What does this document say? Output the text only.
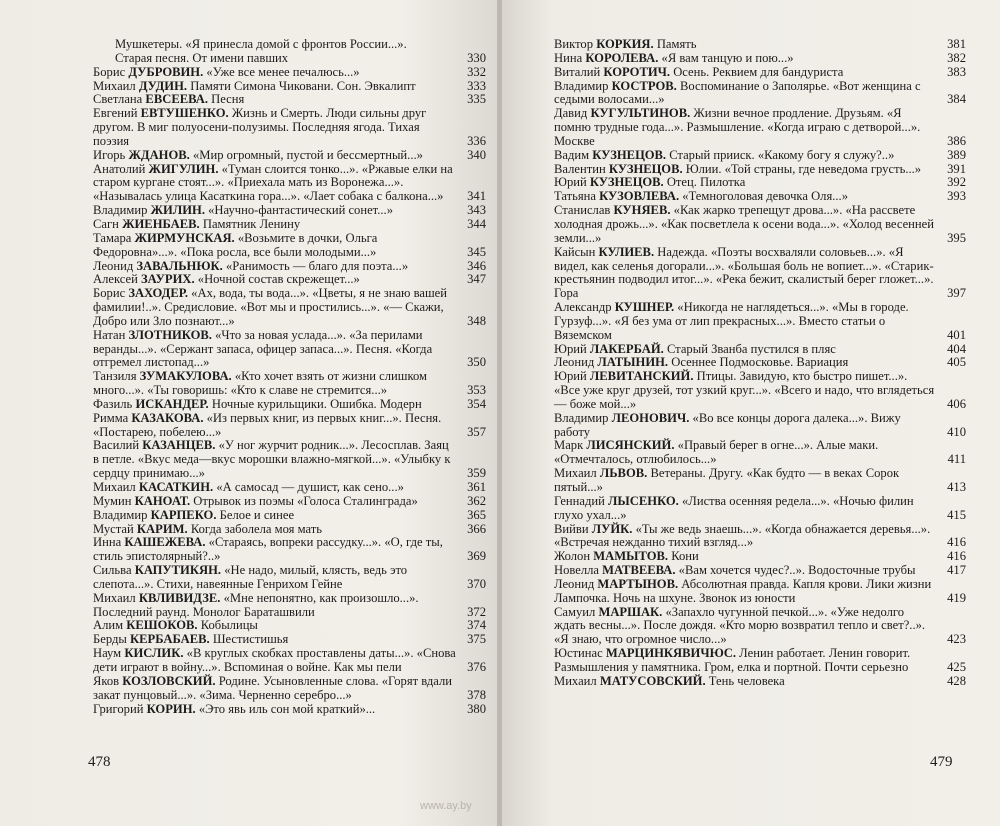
Мушкетеры. «Я принесла домой с фронтов России...».
Старая песня. От имени павших	330
Борис ДУБРОВИН. «Уже все менее печалюсь...»	332
Михаил ДУДИН. Памяти Симона Чиковани. Сон. Эвкалипт	333
Светлана ЕВСЕЕВА. Песня	335
Евгений ЕВТУШЕНКО. Жизнь и Смерть. Люди сильны друг другом. В миг полуосени-полузимы. Последняя ягода. Тихая поэзия	336
Игорь ЖДАНОВ. «Мир огромный, пустой и бессмертный...»	340
Анатолий ЖИГУЛИН. «Туман слоится тонко...». «Ржавые елки на старом кургане стоят...». «Приехала мать из Воронежа...». «Называлась улица Касаткина гора...». «Лает собака с балкона...»	341
Владимир ЖИЛИН. «Научно-фантастический сонет...»	343
Сагн ЖИЕНБАЕВ. Памятник Ленину	344
Тамара ЖИРМУНСКАЯ. «Возьмите в дочки, Ольга Федоровна»...». «Пока росла, все были молодыми...»	345
Леонид ЗАВАЛЬНЮК. «Ранимость — благо для поэта...»	346
Алексей ЗАУРИХ. «Ночной состав скрежещет...»	347
Борис ЗАХОДЕР. «Ах, вода, ты вода...». «Цветы, я не знаю вашей фамилии!..». Средисловие. «Вот мы и простились...». «— Скажи, Добро или Зло познают...»	348
Натан ЗЛОТНИКОВ. «Что за новая услада...». «За перилами веранды...». «Сержант запаса, офицер запаса...». Песня. «Когда отгремел листопад...»	350
Танзиля ЗУМАКУЛОВА. «Кто хочет взять от жизни слишком много...». «Ты говоришь: «Кто к славе не стремится...»	353
Фазиль ИСКАНДЕР. Ночные курильщики. Ошибка. Модерн	354
Римма КАЗАКОВА. «Из первых книг, из первых книг...». Песня. «Постарею, побелею...»	357
Василий КАЗАНЦЕВ. «У ног журчит родник...». Лесосплав. Заяц в петле. «Вкус меда—вкус морошки влажно-мягкой...». «Улыбку к сердцу принимаю...»	359
Михаил КАСАТКИН. «А самосад — душист, как сено...»	361
Мумин КАНОАТ. Отрывок из поэмы «Голоса Сталинграда»	362
Владимир КАРПЕКО. Белое и синее	365
Мустай КАРИМ. Когда заболела моя мать	366
Инна КАШЕЖЕВА. «Стараясь, вопреки рассудку...». «О, где ты, стиль эпистолярный?..»	369
Сильва КАПУТИКЯН. «Не надо, милый, клясть, ведь это слепота...». Стихи, навеянные Генрихом Гейне	370
Михаил КВЛИВИДЗЕ. «Мне непонятно, как произошло...». Последний раунд. Монолог Бараташвили	372
Алим КЕШОКОВ. Кобылицы	374
Берды КЕРБАБАЕВ. Шестистишья	375
Наум КИСЛИК. «В круглых скобках проставлены даты...». «Снова дети играют в войну...». Вспоминая о войне. Как мы пели	376
Яков КОЗЛОВСКИЙ. Родине. Усыновленные слова. «Горят вдали закат пунцовый...». «Зима. Черненно серебро...»	378
Григорий КОРИН. «Это явь иль сон мой краткий»...	380
478
Виктор КОРКИЯ. Память	381
Нина КОРОЛЕВА. «Я вам танцую и пою...»	382
Виталий КОРОТИЧ. Осень. Реквием для бандуриста	383
Владимир КОСТРОВ. Воспоминание о Заполярье. «Вот женщина с седыми волосами...»	384
Давид КУГУЛЬТИНОВ. Жизни вечное продление. Друзьям. «Я помню трудные года...». Размышление. «Когда играю с детворой...». Москве	386
Вадим КУЗНЕЦОВ. Старый прииск. «Какому богу я служу?..»	389
Валентин КУЗНЕЦОВ. Юлии. «Той страны, где неведома грусть...»	391
Юрий КУЗНЕЦОВ. Отец. Пилотка	392
Татьяна КУЗОВЛЕВА. «Темноголовая девочка Оля...»	393
Станислав КУНЯЕВ. «Как жарко трепещут дрова...». «На рассвете холодная дрожь...». «Как посветлела к осени вода...». «Холод весенней земли...»	395
Кайсын КУЛИЕВ. Надежда. «Поэты восхваляли соловьев...». «Я видел, как селенья догорали...». «Большая боль не вопиет...». «Старик-крестьянин подводил итог...». «Река бежит, скалистый берег гложет...». Гора	397
Александр КУШНЕР. «Никогда не наглядеться...». «Мы в городе. Гурзуф...». «Я без ума от лип прекрасных...». Вместо статьи о Вяземском	401
Юрий ЛАКЕРБАЙ. Старый Званба пустился в пляс	404
Леонид ЛАТЫНИН. Осеннее Подмосковье. Вариация	405
Юрий ЛЕВИТАНСКИЙ. Птицы. Завидую, кто быстро пишет...». «Все уже круг друзей, тот узкий круг...». «Всего и надо, что вглядеться — боже мой...»	406
Владимир ЛЕОНОВИЧ. «Во все концы дорога далека...». Вижу работу	410
Марк ЛИСЯНСКИЙ. «Правый берег в огне...». Алые маки. «Отмечталось, отлюбилось...»	411
Михаил ЛЬВОВ. Ветераны. Другу. «Как будто — в веках Сорок пятый...»	413
Геннадий ЛЫСЕНКО. «Листва осенняя редела...». «Ночью филин глухо ухал...»	415
Вийви ЛУЙК. «Ты же ведь знаешь...». «Когда обнажается деревья...». «Встречая нежданно тихий взгляд...»	416
Жолон МАМЫТОВ. Кони	416
Новелла МАТВЕЕВА. «Вам хочется чудес?..». Водосточные трубы	417
Леонид МАРТЫНОВ. Абсолютная правда. Капля крови. Лики жизни Лампочка. Ночь на шхуне. Звонок из юности	419
Самуил МАРШАК. «Запахло чугунной печкой...». «Уже недолго ждать весны...». После дождя. «Кто морю возвратил тепло и свет?..». «Я знаю, что огромное число...»	423
Юстинас МАРЦИНКЯВИЧЮС. Ленин работает. Ленин говорит. Размышления у памятника. Гром, елка и портной. Почти серьезно	425
Михаил МАТУСОВСКИЙ. Тень человека	428
479
www.ay.by
